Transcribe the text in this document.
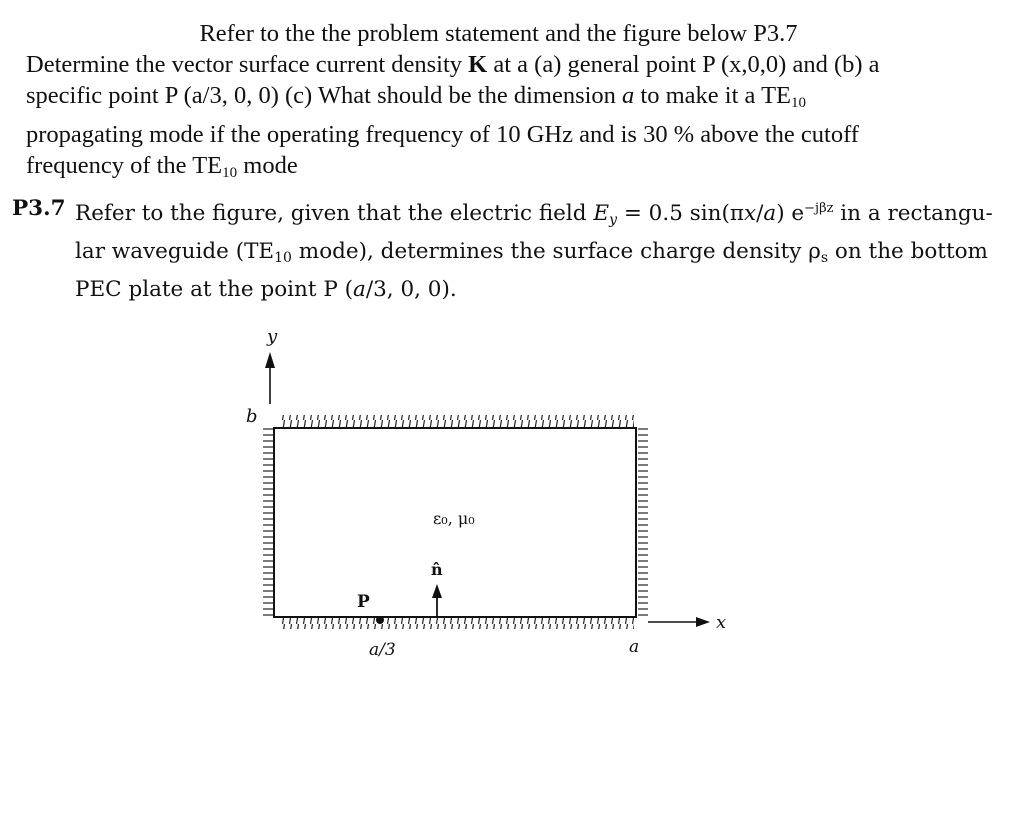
Refer to the the problem statement and the figure below P3.7
Determine the vector surface current density K at a (a) general point P (x,0,0) and (b) a
specific point P (a/3, 0, 0) (c) What should be the dimension a to make it a TE10
propagating mode if the operating frequency of 10 GHz and is 30 % above the cutoff
frequency of the TE10 mode
P3.7 Refer to the figure, given that the electric field Ey = 0.5 sin(πx/a) $e^{-j\beta z}$ in a rectangu-
lar waveguide (TE10 mode), determines the surface charge density ρs on the bottom
PEC plate at the point P (a/3, 0, 0).
y
b
x
ε₀, μ₀
n̂
P
a/3	a
